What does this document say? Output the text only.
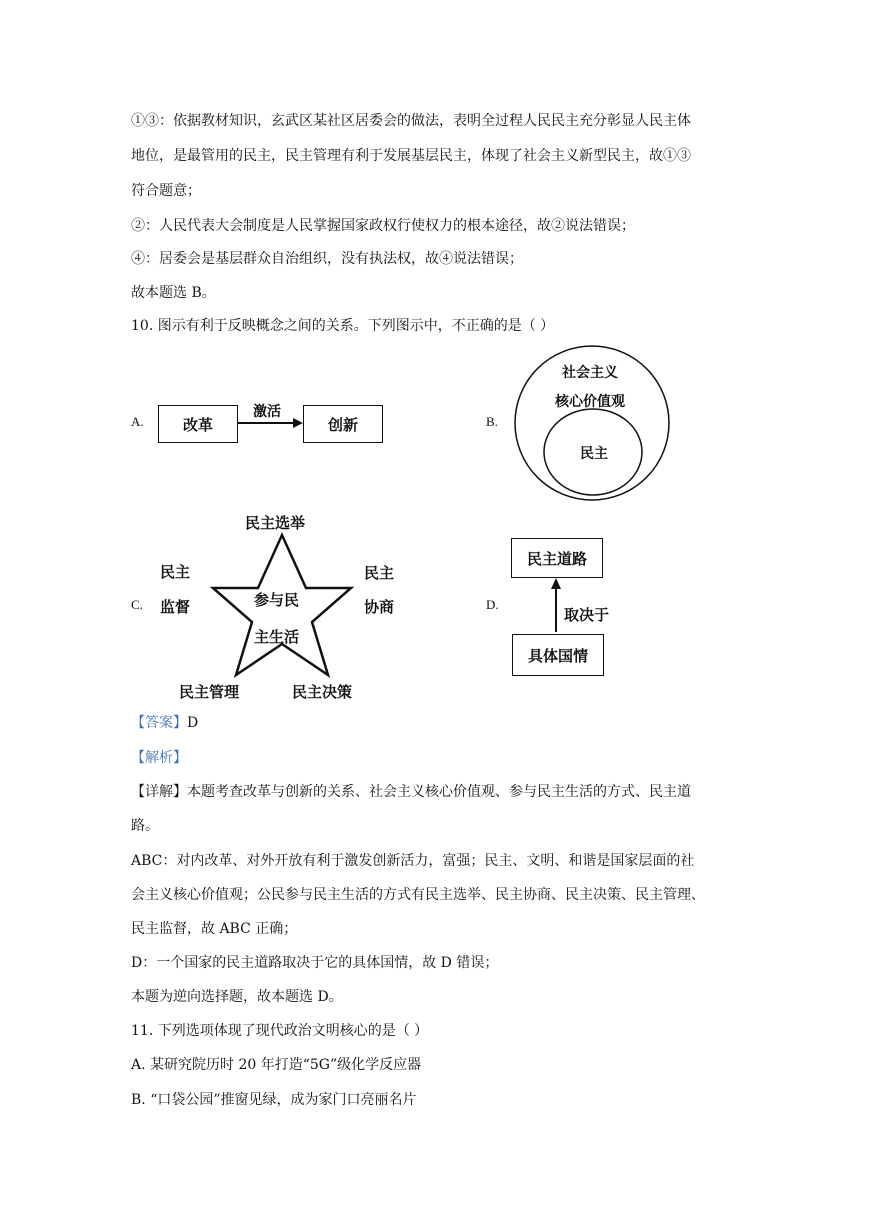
①③：依据教材知识，玄武区某社区居委会的做法，表明全过程人民民主充分彰显人民主体
地位，是最管用的民主，民主管理有利于发展基层民主，体现了社会主义新型民主，故①③
符合题意；
②：人民代表大会制度是人民掌握国家政权行使权力的根本途径，故②说法错误；
④：居委会是基层群众自治组织，没有执法权，故④说法错误；
故本题选 B。
10. 图示有利于反映概念之间的关系。下列图示中，不正确的是（ ）
A.	改革
激活
创新	B.
社会主义
核心价值观
民主
C.
民主选举
民主
监督
民主
协商
民主管理	民主决策
参与民
主生活
D.
民主道路
取决于
具体国情
【答案】D
【解析】
【详解】本题考查改革与创新的关系、社会主义核心价值观、参与民主生活的方式、民主道
路。
ABC：对内改革、对外开放有利于激发创新活力，富强；民主、文明、和谐是国家层面的社
会主义核心价值观；公民参与民主生活的方式有民主选举、民主协商、民主决策、民主管理、
民主监督，故 ABC 正确；
D：一个国家的民主道路取决于它的具体国情，故 D 错误；
本题为逆向选择题，故本题选 D。
11. 下列选项体现了现代政治文明核心的是（ ）
A. 某研究院历时 20 年打造“5G”级化学反应器
B. “口袋公园”推窗见绿，成为家门口亮丽名片
